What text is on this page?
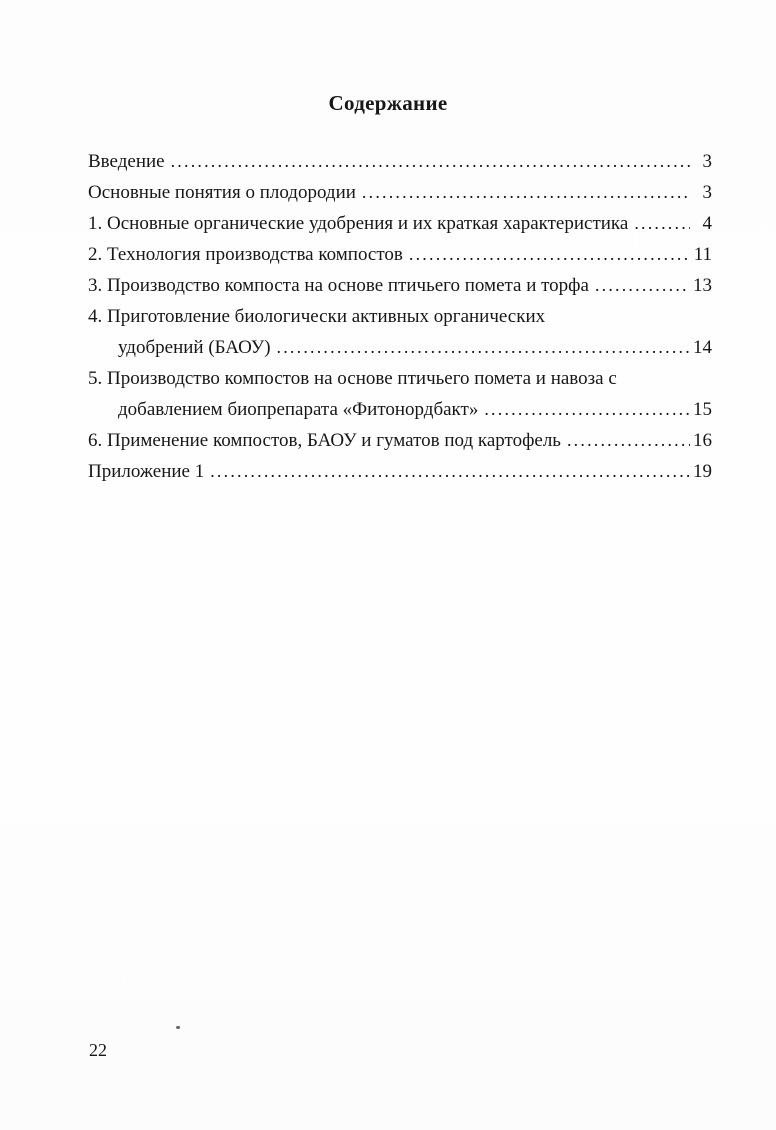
Содержание
Введение .....	3
Основные понятия о плодородии .....	3
1. Основные органические удобрения и их краткая характеристика .....	4
2. Технология производства компостов .....	11
3. Производство компоста на основе птичьего помета и торфа .....	13
4. Приготовление биологически активных органических
удобрений (БАОУ) .....	14
5. Производство компостов на основе птичьего помета и навоза с
добавлением биопрепарата «Фитонордбакт» .....	15
6. Применение компостов, БАОУ и гуматов под картофель .....	16
Приложение 1 .....	19
22
